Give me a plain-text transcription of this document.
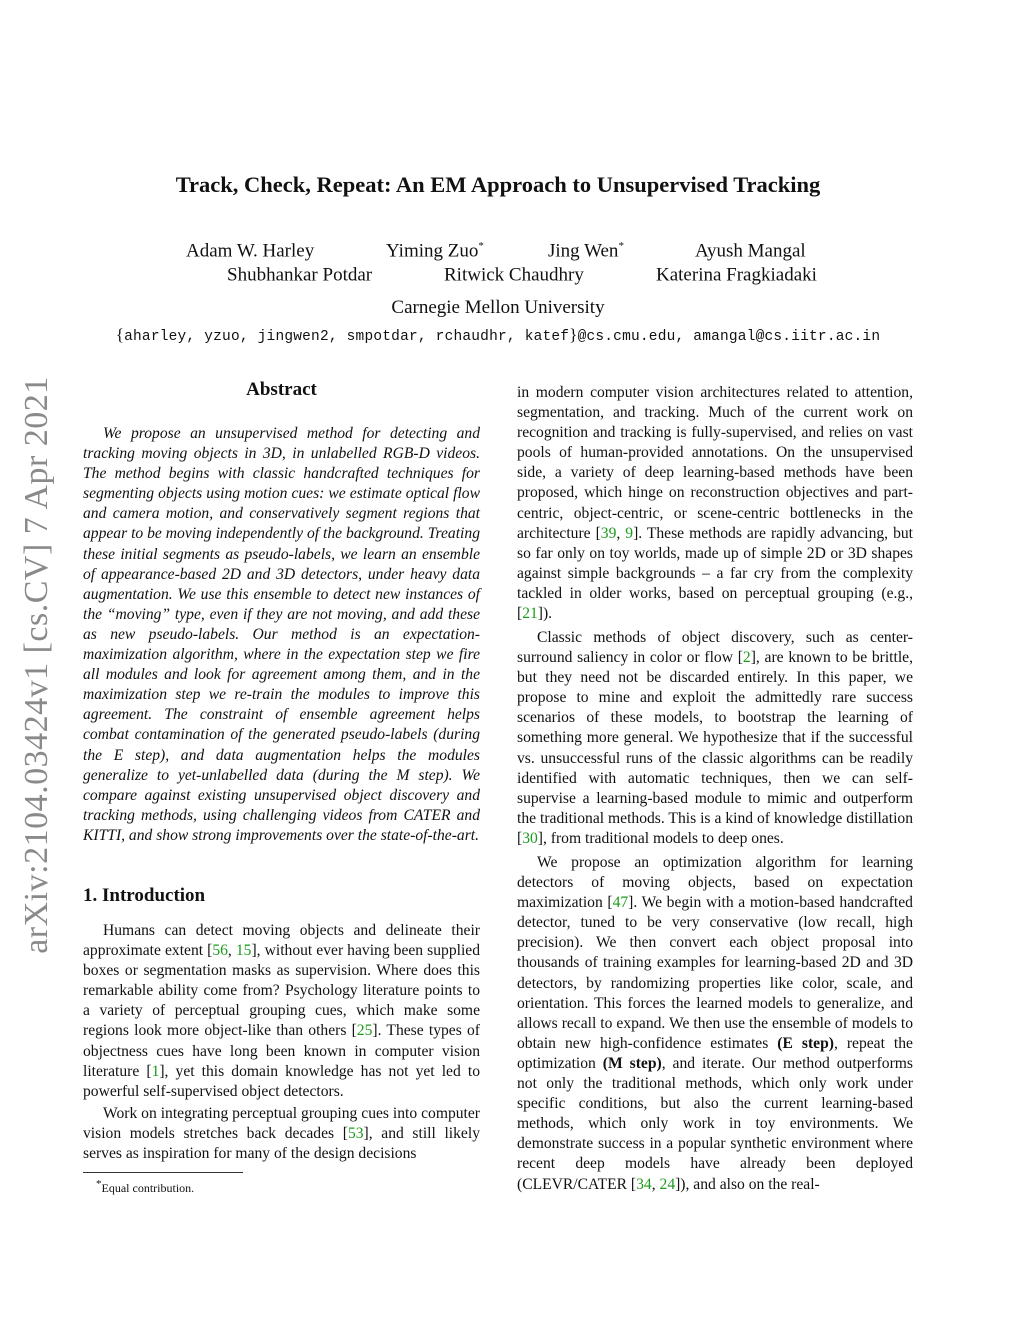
arXiv:2104.03424v1 [cs.CV] 7 Apr 2021
Track, Check, Repeat: An EM Approach to Unsupervised Tracking
Adam W. Harley	Yiming Zuo*	Jing Wen*	Ayush Mangal
Shubhankar Potdar	Ritwick Chaudhry	Katerina Fragkiadaki
Carnegie Mellon University
{aharley, yzuo, jingwen2, smpotdar, rchaudhr, katef}@cs.cmu.edu, amangal@cs.iitr.ac.in
Abstract
We propose an unsupervised method for detecting and tracking moving objects in 3D, in unlabelled RGB-D videos. The method begins with classic handcrafted techniques for segmenting objects using motion cues: we estimate optical flow and camera motion, and conservatively segment regions that appear to be moving independently of the background. Treating these initial segments as pseudo-labels, we learn an ensemble of appearance-based 2D and 3D detectors, under heavy data augmentation. We use this ensemble to detect new instances of the “moving” type, even if they are not moving, and add these as new pseudo-labels. Our method is an expectation-maximization algorithm, where in the expectation step we fire all modules and look for agreement among them, and in the maximization step we re-train the modules to improve this agreement. The constraint of ensemble agreement helps combat contamination of the generated pseudo-labels (during the E step), and data augmentation helps the modules generalize to yet-unlabelled data (during the M step). We compare against existing unsupervised object discovery and tracking methods, using challenging videos from CATER and KITTI, and show strong improvements over the state-of-the-art.
1. Introduction
Humans can detect moving objects and delineate their approximate extent [56, 15], without ever having been supplied boxes or segmentation masks as supervision. Where does this remarkable ability come from? Psychology literature points to a variety of perceptual grouping cues, which make some regions look more object-like than others [25]. These types of objectness cues have long been known in computer vision literature [1], yet this domain knowledge has not yet led to powerful self-supervised object detectors.
Work on integrating perceptual grouping cues into computer vision models stretches back decades [53], and still likely serves as inspiration for many of the design decisions
*Equal contribution.
in modern computer vision architectures related to attention, segmentation, and tracking. Much of the current work on recognition and tracking is fully-supervised, and relies on vast pools of human-provided annotations. On the unsupervised side, a variety of deep learning-based methods have been proposed, which hinge on reconstruction objectives and part-centric, object-centric, or scene-centric bottlenecks in the architecture [39, 9]. These methods are rapidly advancing, but so far only on toy worlds, made up of simple 2D or 3D shapes against simple backgrounds – a far cry from the complexity tackled in older works, based on perceptual grouping (e.g., [21]).
Classic methods of object discovery, such as center-surround saliency in color or flow [2], are known to be brittle, but they need not be discarded entirely. In this paper, we propose to mine and exploit the admittedly rare success scenarios of these models, to bootstrap the learning of something more general. We hypothesize that if the successful vs. unsuccessful runs of the classic algorithms can be readily identified with automatic techniques, then we can self-supervise a learning-based module to mimic and outperform the traditional methods. This is a kind of knowledge distillation [30], from traditional models to deep ones.
We propose an optimization algorithm for learning detectors of moving objects, based on expectation maximization [47]. We begin with a motion-based handcrafted detector, tuned to be very conservative (low recall, high precision). We then convert each object proposal into thousands of training examples for learning-based 2D and 3D detectors, by randomizing properties like color, scale, and orientation. This forces the learned models to generalize, and allows recall to expand. We then use the ensemble of models to obtain new high-confidence estimates (E step), repeat the optimization (M step), and iterate. Our method outperforms not only the traditional methods, which only work under specific conditions, but also the current learning-based methods, which only work in toy environments. We demonstrate success in a popular synthetic environment where recent deep models have already been deployed (CLEVR/CATER [34, 24]), and also on the real-
